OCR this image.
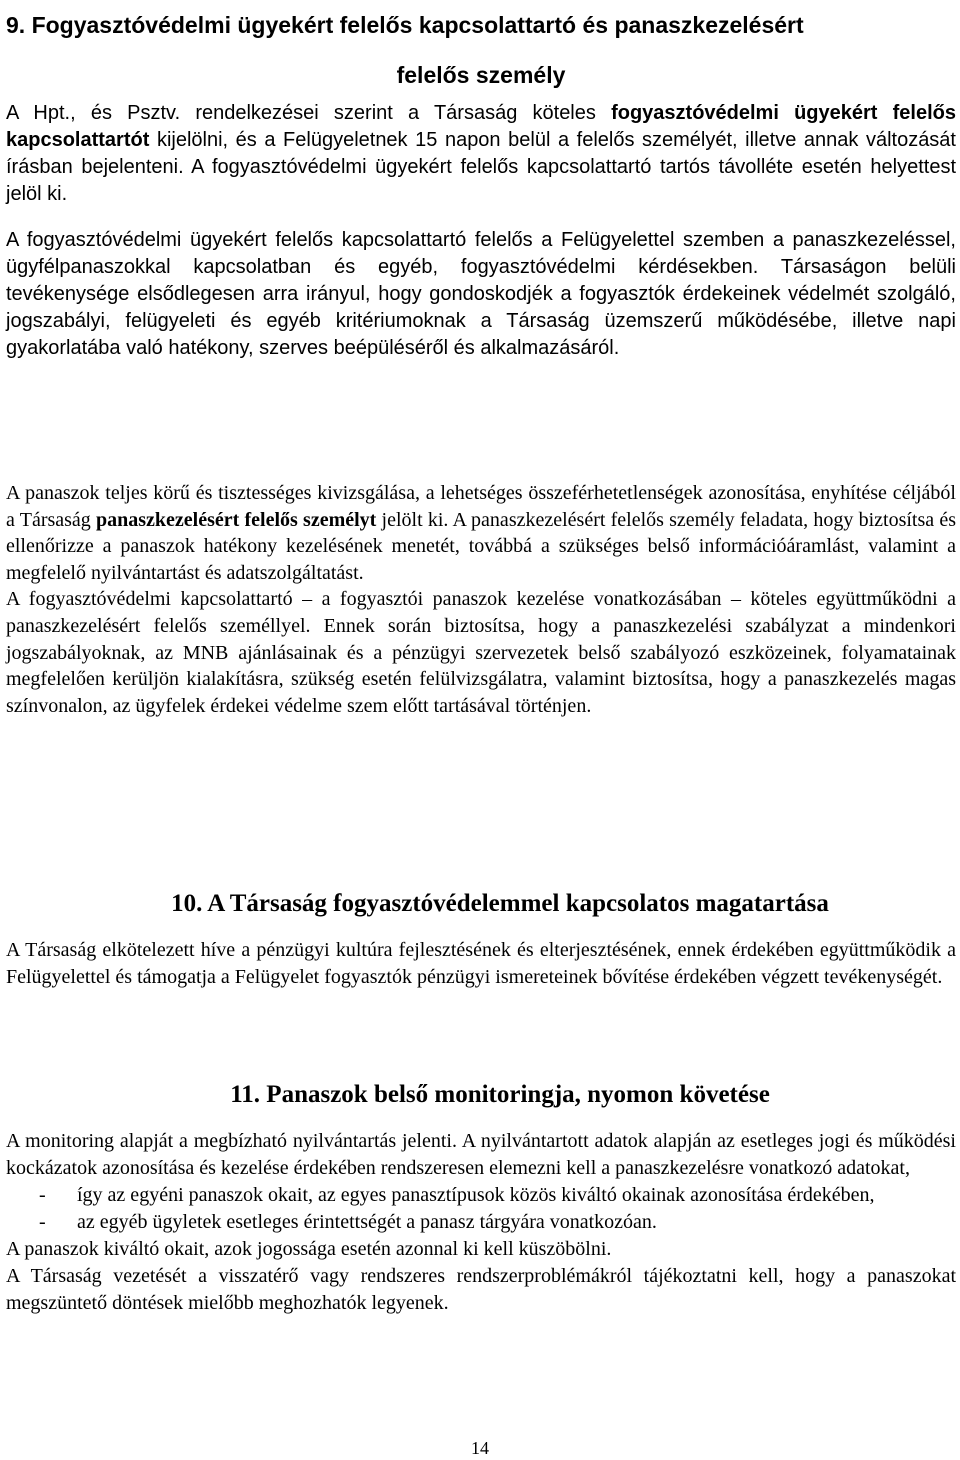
9. Fogyasztóvédelmi ügyekért felelős kapcsolattartó és panaszkezelésért
felelős személy

A Hpt., és Psztv. rendelkezései szerint a Társaság köteles fogyasztóvédelmi ügyekért felelős kapcsolattartót kijelölni, és a Felügyeletnek 15 napon belül a felelős személyét, illetve annak változását írásban bejelenteni. A fogyasztóvédelmi ügyekért felelős kapcsolattartó tartós távolléte esetén helyettest jelöl ki.

A fogyasztóvédelmi ügyekért felelős kapcsolattartó felelős a Felügyelettel szemben a panaszkezeléssel, ügyfélpanaszokkal kapcsolatban és egyéb, fogyasztóvédelmi kérdésekben. Társaságon belüli tevékenysége elsődlegesen arra irányul, hogy gondoskodjék a fogyasztók érdekeinek védelmét szolgáló, jogszabályi, felügyeleti és egyéb kritériumoknak a Társaság üzemszerű működésébe, illetve napi gyakorlatába való hatékony, szerves beépüléséről és alkalmazásáról.

A panaszok teljes körű és tisztességes kivizsgálása, a lehetséges összeférhetetlenségek azonosítása, enyhítése céljából a Társaság panaszkezelésért felelős személyt jelölt ki. A panaszkezelésért felelős személy feladata, hogy biztosítsa és ellenőrizze a panaszok hatékony kezelésének menetét, továbbá a szükséges belső információáramlást, valamint a megfelelő nyilvántartást és adatszolgáltatást.

A fogyasztóvédelmi kapcsolattartó – a fogyasztói panaszok kezelése vonatkozásában – köteles együttműködni a panaszkezelésért felelős személlyel. Ennek során biztosítsa, hogy a panaszkezelési szabályzat a mindenkori jogszabályoknak, az MNB ajánlásainak és a pénzügyi szervezetek belső szabályozó eszközeinek, folyamatainak megfelelően kerüljön kialakításra, szükség esetén felülvizsgálatra, valamint biztosítsa, hogy a panaszkezelés magas színvonalon, az ügyfelek érdekei védelme szem előtt tartásával történjen.

10. A Társaság fogyasztóvédelemmel kapcsolatos magatartása
A Társaság elkötelezett híve a pénzügyi kultúra fejlesztésének és elterjesztésének, ennek érdekében együttműködik a Felügyelettel és támogatja a Felügyelet fogyasztók pénzügyi ismereteinek bővítése érdekében végzett tevékenységét.
11. Panaszok belső monitoringja, nyomon követése

A monitoring alapját a megbízható nyilvántartás jelenti. A nyilvántartott adatok alapján az esetleges jogi és működési kockázatok azonosítása és kezelése érdekében rendszeresen elemezni kell a panaszkezelésre vonatkozó adatokat,

- így az egyéni panaszok okait, az egyes panasztípusok közös kiváltó okainak azonosítása érdekében,
- az egyéb ügyletek esetleges érintettségét a panasz tárgyára vonatkozóan.

A panaszok kiváltó okait, azok jogossága esetén azonnal ki kell küszöbölni.

A Társaság vezetését a visszatérő vagy rendszeres rendszerproblémákról tájékoztatni kell, hogy a panaszokat megszüntető döntések mielőbb meghozhatók legyenek.

14
